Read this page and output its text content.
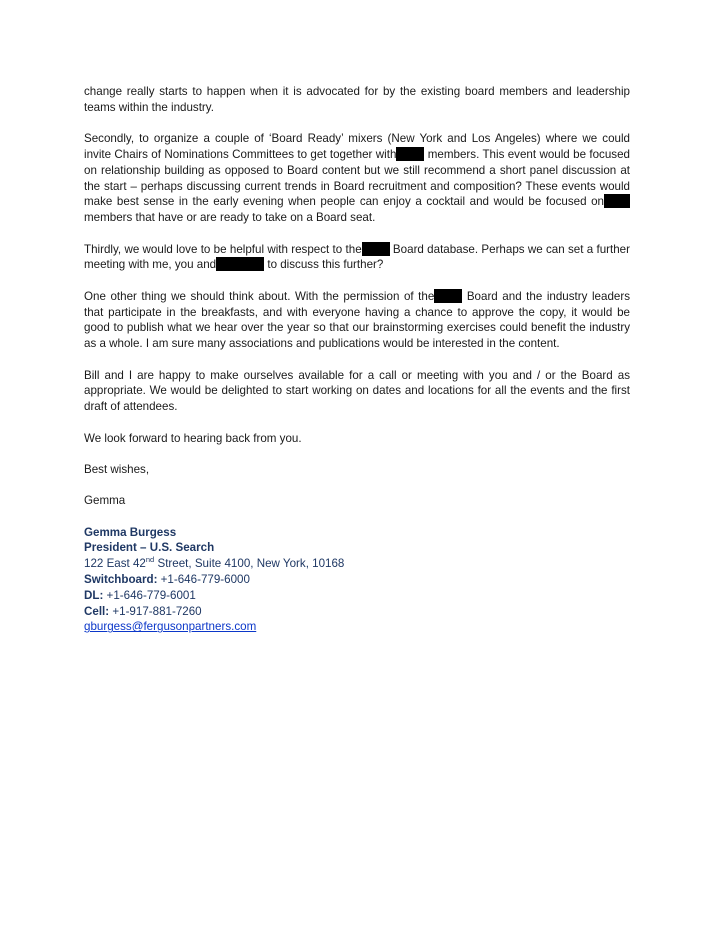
change really starts to happen when it is advocated for by the existing board members and leadership teams within the industry.

Secondly, to organize a couple of ‘Board Ready’ mixers (New York and Los Angeles) where we could invite Chairs of Nominations Committees to get together with members. This event would be focused on relationship building as opposed to Board content but we still recommend a short panel discussion at the start – perhaps discussing current trends in Board recruitment and composition? These events would make best sense in the early evening when people can enjoy a cocktail and would be focused on members that have or are ready to take on a Board seat.

Thirdly, we would love to be helpful with respect to the Board database. Perhaps we can set a further meeting with me, you and	to discuss this further?

One other thing we should think about. With the permission of the Board and the industry leaders that participate in the breakfasts, and with everyone having a chance to approve the copy, it would be good to publish what we hear over the year so that our brainstorming exercises could benefit the industry as a whole. I am sure many associations and publications would be interested in the content.

Bill and I are happy to make ourselves available for a call or meeting with you and / or the Board as appropriate. We would be delighted to start working on dates and locations for all the events and the first draft of attendees.

We look forward to hearing back from you.

Best wishes,

Gemma

Gemma Burgess
President – U.S. Search
122 East 42nd Street, Suite 4100, New York, 10168
Switchboard: +1-646-779-6000
DL: +1-646-779-6001
Cell: +1-917-881-7260
gburgess@fergusonpartners.com
